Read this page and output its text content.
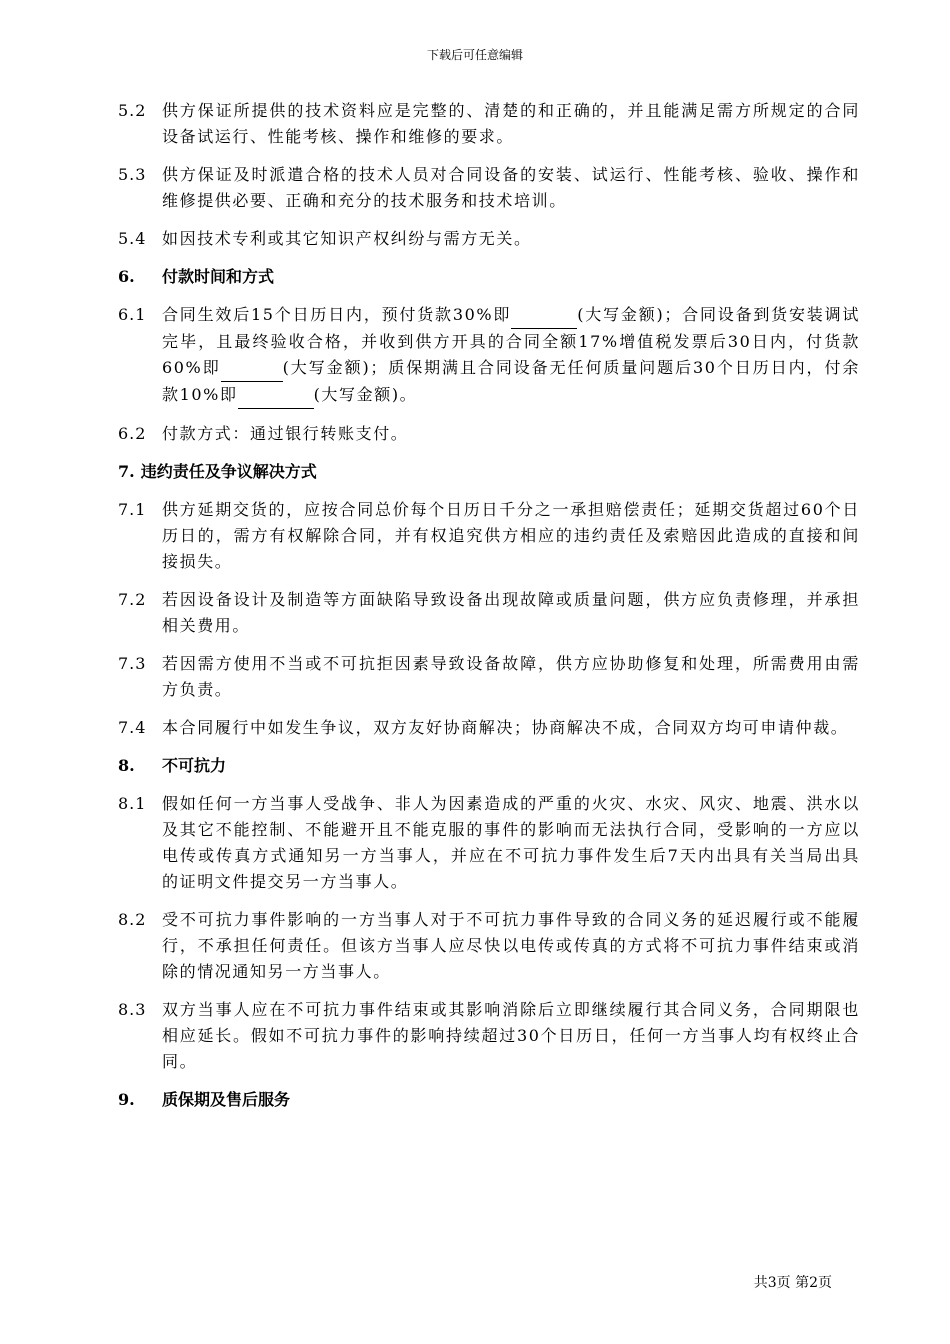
下载后可任意编辑
5.2 供方保证所提供的技术资料应是完整的、清楚的和正确的，并且能满足需方所规定的合同设备试运行、性能考核、操作和维修的要求。
5.3 供方保证及时派遣合格的技术人员对合同设备的安装、试运行、性能考核、验收、操作和维修提供必要、正确和充分的技术服务和技术培训。
5.4 如因技术专利或其它知识产权纠纷与需方无关。
6. 付款时间和方式
6.1 合同生效后15个日历日内，预付货款30%即	(大写金额)；合同设备到货安装调试完毕，且最终验收合格，并收到供方开具的合同全额17%增值税发票后30日内，付货款60%即	(大写金额)；质保期满且合同设备无任何质量问题后30个日历日内，付余款10%即	(大写金额)。
6.2 付款方式：通过银行转账支付。
7. 违约责任及争议解决方式
7.1 供方延期交货的，应按合同总价每个日历日千分之一承担赔偿责任；延期交货超过60个日历日的，需方有权解除合同，并有权追究供方相应的违约责任及索赔因此造成的直接和间接损失。
7.2 若因设备设计及制造等方面缺陷导致设备出现故障或质量问题，供方应负责修理，并承担相关费用。
7.3 若因需方使用不当或不可抗拒因素导致设备故障，供方应协助修复和处理，所需费用由需方负责。
7.4 本合同履行中如发生争议，双方友好协商解决；协商解决不成，合同双方均可申请仲裁。
8. 不可抗力
8.1 假如任何一方当事人受战争、非人为因素造成的严重的火灾、水灾、风灾、地震、洪水以及其它不能控制、不能避开且不能克服的事件的影响而无法执行合同，受影响的一方应以电传或传真方式通知另一方当事人，并应在不可抗力事件发生后7天内出具有关当局出具的证明文件提交另一方当事人。
8.2 受不可抗力事件影响的一方当事人对于不可抗力事件导致的合同义务的延迟履行或不能履行，不承担任何责任。但该方当事人应尽快以电传或传真的方式将不可抗力事件结束或消除的情况通知另一方当事人。
8.3 双方当事人应在不可抗力事件结束或其影响消除后立即继续履行其合同义务，合同期限也相应延长。假如不可抗力事件的影响持续超过30个日历日，任何一方当事人均有权终止合同。
9. 质保期及售后服务
共3页 第2页
